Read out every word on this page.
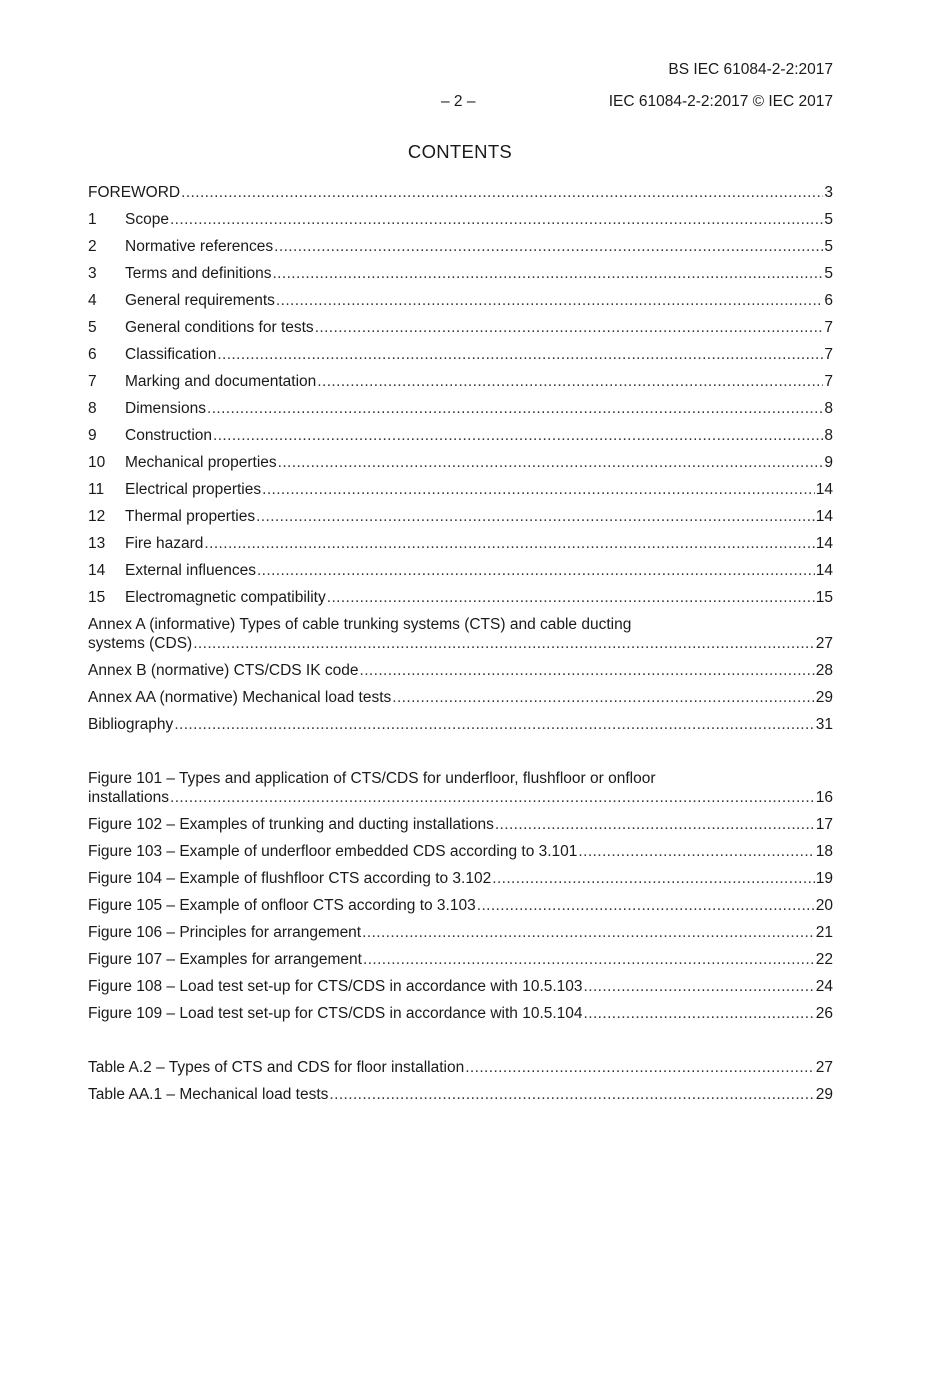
BS IEC 61084-2-2:2017
– 2 –	IEC 61084-2-2:2017 © IEC 2017
CONTENTS
FOREWORD .....	3
1	Scope .....	5
2	Normative references .....	5
3	Terms and definitions .....	5
4	General requirements .....	6
5	General conditions for tests .....	7
6	Classification .....	7
7	Marking and documentation .....	7
8	Dimensions .....	8
9	Construction .....	8
10	Mechanical properties .....	9
11	Electrical properties .....	14
12	Thermal properties .....	14
13	Fire hazard .....	14
14	External influences .....	14
15	Electromagnetic compatibility .....	15
Annex A (informative) Types of cable trunking systems (CTS) and cable ducting
systems (CDS) .....	27
Annex B (normative) CTS/CDS IK code .....	28
Annex AA (normative) Mechanical load tests .....	29
Bibliography .....	31
Figure 101 – Types and application of CTS/CDS for underfloor, flushfloor or onfloor
installations .....	16
Figure 102 – Examples of trunking and ducting installations .....	17
Figure 103 – Example of underfloor embedded CDS according to 3.101 .....	18
Figure 104 – Example of flushfloor CTS according to 3.102 .....	19
Figure 105 – Example of onfloor CTS according to 3.103 .....	20
Figure 106 – Principles for arrangement .....	21
Figure 107 – Examples for arrangement .....	22
Figure 108 – Load test set-up for CTS/CDS in accordance with 10.5.103 .....	24
Figure 109 – Load test set-up for CTS/CDS in accordance with 10.5.104 .....	26
Table A.2 – Types of CTS and CDS for floor installation .....	27
Table AA.1 – Mechanical load tests .....	29
